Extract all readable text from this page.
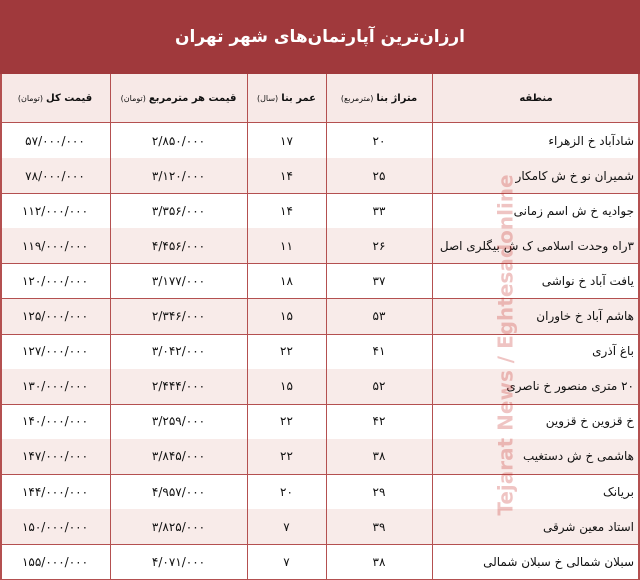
ارزان‌ترین آپارتمان‌های شهر تهران
منطقه
متراژ بنا
(مترمربع)
عمر بنا
(سال)
قیمت هر مترمربع
(تومان)
قیمت کل
(تومان)
شادآباد خ الزهراء
۲۰
۱۷
۲/۸۵۰/۰۰۰
۵۷/۰۰۰/۰۰۰
شمیران نو خ ش کامکار
۲۵
۱۴
۳/۱۲۰/۰۰۰
۷۸/۰۰۰/۰۰۰
جوادیه خ ش اسم زمانی
۳۳
۱۴
۳/۳۵۶/۰۰۰
۱۱۲/۰۰۰/۰۰۰
۳راه وحدت اسلامی ک ش بیگلری اصل
۲۶
۱۱
۴/۴۵۶/۰۰۰
۱۱۹/۰۰۰/۰۰۰
یافت آباد خ نواشی
۳۷
۱۸
۳/۱۷۷/۰۰۰
۱۲۰/۰۰۰/۰۰۰
هاشم آباد خ خاوران
۵۳
۱۵
۲/۳۴۶/۰۰۰
۱۲۵/۰۰۰/۰۰۰
باغ آذری
۴۱
۲۲
۳/۰۴۲/۰۰۰
۱۲۷/۰۰۰/۰۰۰
۲۰ متری منصور خ ناصری
۵۲
۱۵
۲/۴۴۴/۰۰۰
۱۳۰/۰۰۰/۰۰۰
خ قزوین خ قزوین
۴۲
۲۲
۳/۲۵۹/۰۰۰
۱۴۰/۰۰۰/۰۰۰
هاشمی خ ش دستغیب
۳۸
۲۲
۳/۸۴۵/۰۰۰
۱۴۷/۰۰۰/۰۰۰
بریانک
۲۹
۲۰
۴/۹۵۷/۰۰۰
۱۴۴/۰۰۰/۰۰۰
استاد معین شرقی
۳۹
۷
۳/۸۲۵/۰۰۰
۱۵۰/۰۰۰/۰۰۰
سبلان شمالی خ سبلان شمالی
۳۸
۷
۴/۰۷۱/۰۰۰
۱۵۵/۰۰۰/۰۰۰
Tejarat News / Eghtesadonline
